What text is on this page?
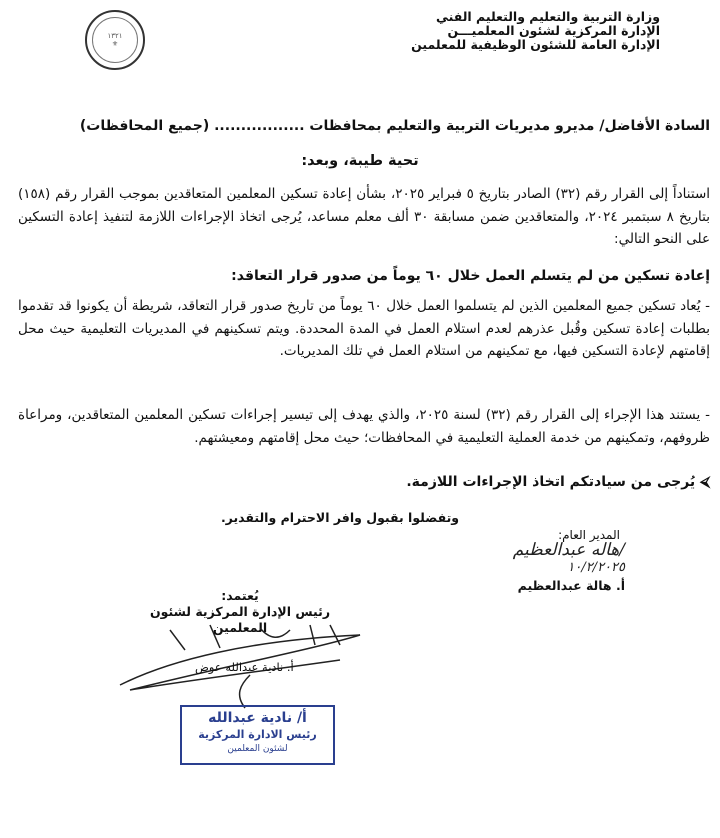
وزارة التربية والتعليم والتعليم الفني
الإدارة المركزية لشئون المعلميـــن
الإدارة العامة للشئون الوظيفية للمعلمين
١٣٢١
⚜
السادة الأفاضل/ مديرو مديريات التربية والتعليم بمحافظات ................. (جميع المحافظات)
تحية طيبة، وبعد:
استناداً إلى القرار رقم (٣٢) الصادر بتاريخ ٥ فبراير ٢٠٢٥، بشأن إعادة تسكين المعلمين المتعاقدين بموجب القرار رقم (١٥٨) بتاريخ ٨ سبتمبر ٢٠٢٤، والمتعاقدين ضمن مسابقة ٣٠ ألف معلم مساعد، يُرجى اتخاذ الإجراءات اللازمة لتنفيذ إعادة التسكين على النحو التالي:
إعادة تسكين من لم يتسلم العمل خلال ٦٠ يوماً من صدور قرار التعاقد:
- يُعاد تسكين جميع المعلمين الذين لم يتسلموا العمل خلال ٦٠ يوماً من تاريخ صدور قرار التعاقد، شريطة أن يكونوا قد تقدموا بطلبات إعادة تسكين وقُبل عذرهم لعدم استلام العمل في المدة المحددة. ويتم تسكينهم في المديريات التعليمية حيث محل إقامتهم لإعادة التسكين فيها، مع تمكينهم من استلام العمل في تلك المديريات.
- يستند هذا الإجراء إلى القرار رقم (٣٢) لسنة ٢٠٢٥، والذي يهدف إلى تيسير إجراءات تسكين المعلمين المتعاقدين، ومراعاة ظروفهم، وتمكينهم من خدمة العملية التعليمية في المحافظات؛ حيث محل إقامتهم ومعيشتهم.
⮘ يُرجى من سيادتكم اتخاذ الإجراءات اللازمة.
وتفضلوا بقبول وافر الاحترام والتقدير.
المدير العام:
/هاله عبدالعظيم
١٠/٢/٢٠٢٥
أ. هالة عبدالعظيم
يُعتمد:
رئيس الإدارة المركزية لشئون المعلمين
أ. نادية عبدالله عوض
أ/ نادية عبدالله
رئيس الادارة المركزية
لشئون المعلمين
